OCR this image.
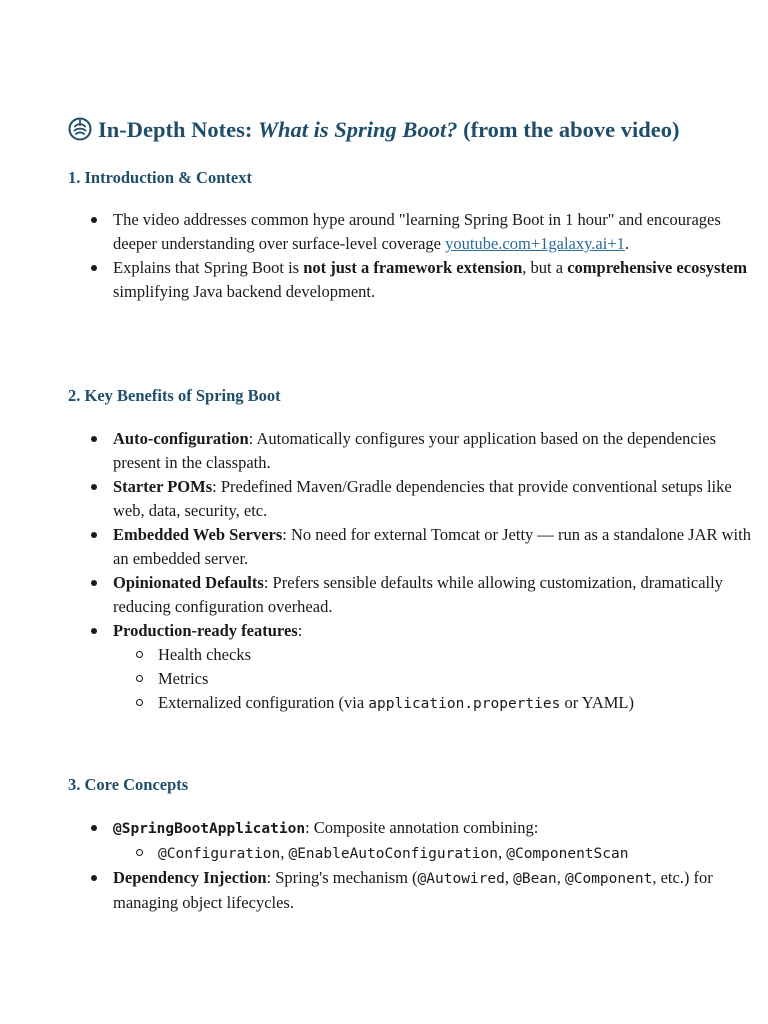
In-Depth Notes: What is Spring Boot? (from the above video)
1. Introduction & Context
The video addresses common hype around "learning Spring Boot in 1 hour" and encourages deeper understanding over surface-level coverage youtube.com+1galaxy.ai+1.
Explains that Spring Boot is not just a framework extension, but a comprehensive ecosystem simplifying Java backend development.
2. Key Benefits of Spring Boot
Auto-configuration: Automatically configures your application based on the dependencies present in the classpath.
Starter POMs: Predefined Maven/Gradle dependencies that provide conventional setups like web, data, security, etc.
Embedded Web Servers: No need for external Tomcat or Jetty — run as a standalone JAR with an embedded server.
Opinionated Defaults: Prefers sensible defaults while allowing customization, dramatically reducing configuration overhead.
Production-ready features:
Health checks
Metrics
Externalized configuration (via application.properties or YAML)
3. Core Concepts
@SpringBootApplication: Composite annotation combining:
@Configuration, @EnableAutoConfiguration, @ComponentScan
Dependency Injection: Spring's mechanism (@Autowired, @Bean, @Component, etc.) for managing object lifecycles.
